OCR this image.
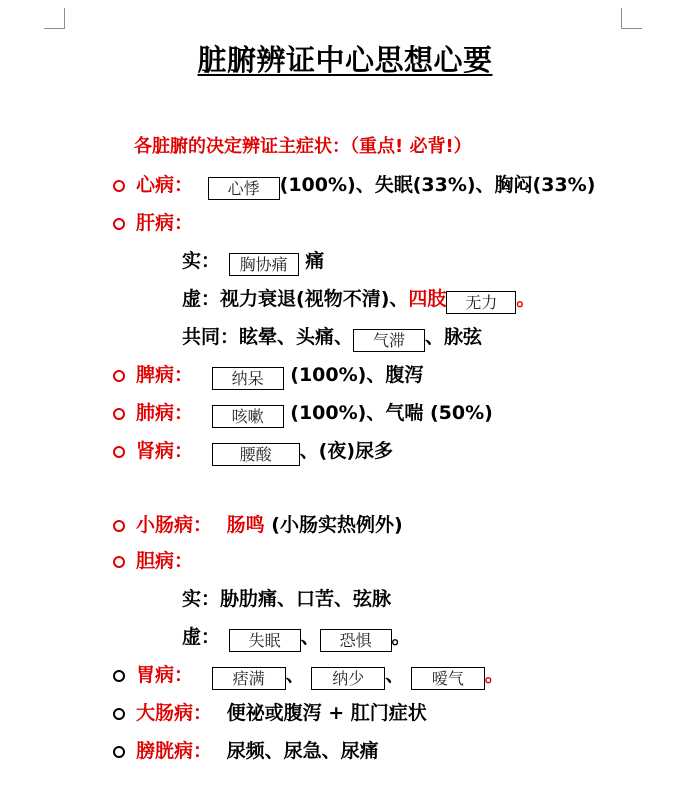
脏腑辨证中心思想心要
各脏腑的决定辨证主症状：（重点! 必背!）
心病： 心悸 (100%)、失眠(33%)、胸闷(33%)
肝病：
实： 胸协痛 痛
虚：视力衰退(视物不清)、四肢 无力 。
共同：眩晕、头痛、 气滞 、脉弦
脾病： 纳呆 (100%)、腹泻
肺病： 咳嗽 (100%)、气喘 (50%)
肾病：	腰酸 、(夜)尿多
小肠病： 肠鸣 (小肠实热例外)
胆病：
实：胁肋痛、口苦、弦脉
虚： 失眠 、 恐惧 。
胃病： 痞满 、 纳少 、 嗳气 。
大肠病： 便祕或腹泻 + 肛门症状
膀胱病： 尿频、尿急、尿痛
